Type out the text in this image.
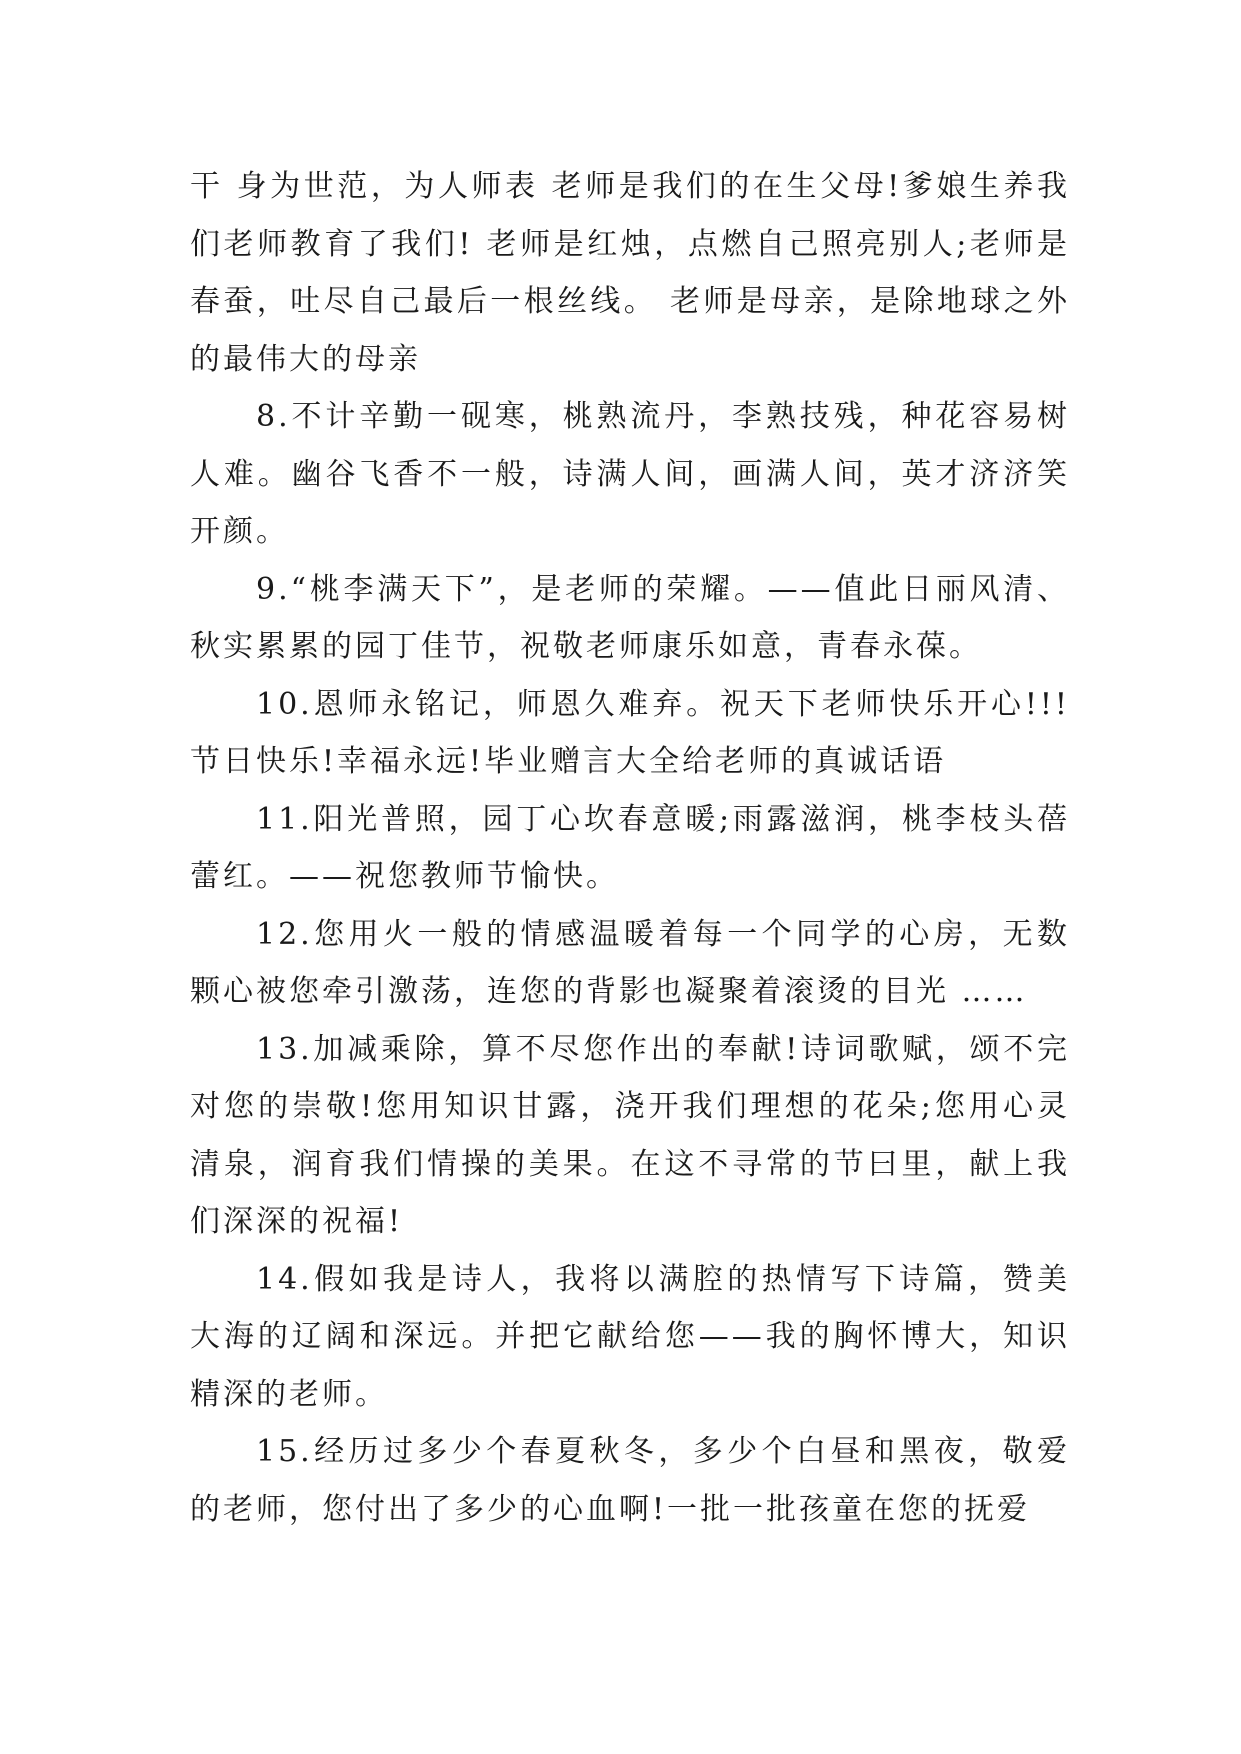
干 身为世范，为人师表 老师是我们的在生父母!爹娘生养我们老师教育了我们! 老师是红烛，点燃自己照亮别人;老师是春蚕，吐尽自己最后一根丝线。 老师是母亲，是除地球之外的最伟大的母亲

8.不计辛勤一砚寒，桃熟流丹，李熟技残，种花容易树人难。幽谷飞香不一般，诗满人间，画满人间，英才济济笑开颜。

9.“桃李满天下”，是老师的荣耀。——值此日丽风清、秋实累累的园丁佳节，祝敬老师康乐如意，青春永葆。

10.恩师永铭记，师恩久难弃。祝天下老师快乐开心!!!节日快乐!幸福永远!毕业赠言大全给老师的真诚话语

11.阳光普照，园丁心坎春意暖;雨露滋润，桃李枝头蓓蕾红。——祝您教师节愉快。

12.您用火一般的情感温暖着每一个同学的心房，无数颗心被您牵引激荡，连您的背影也凝聚着滚烫的目光 ……

13.加减乘除，算不尽您作出的奉献!诗词歌赋，颂不完对您的崇敬!您用知识甘露，浇开我们理想的花朵;您用心灵清泉，润育我们情操的美果。在这不寻常的节曰里，献上我们深深的祝福!

14.假如我是诗人，我将以满腔的热情写下诗篇，赞美大海的辽阔和深远。并把它献给您——我的胸怀博大，知识精深的老师。

15.经历过多少个春夏秋冬，多少个白昼和黑夜，敬爱的老师，您付出了多少的心血啊!一批一批孩童在您的抚爱
